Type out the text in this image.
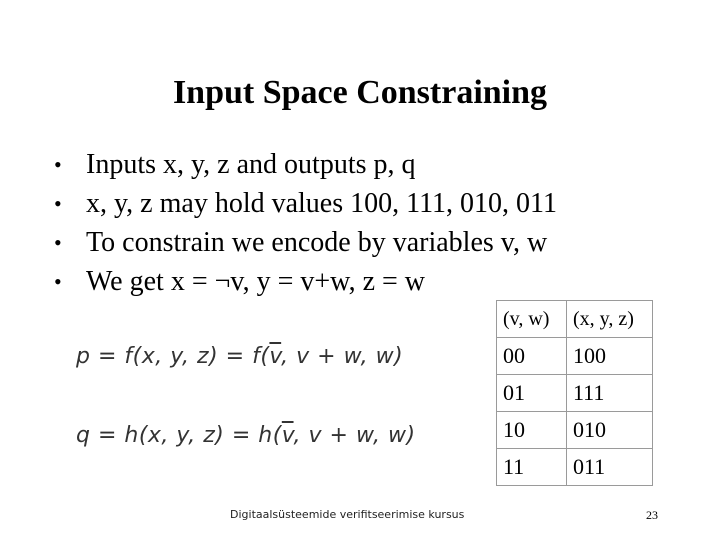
Input Space Constraining
• Inputs x, y, z and outputs p, q
• x, y, z may hold values 100, 111, 010, 011
• To constrain we encode by variables v, w
• We get x = ¬v, y = v+w, z = w
p = f(x, y, $z) = f(\overline{v}$, v + w, w)
q = h(x, y, $z) = h(\overline{v}$, v + w, w)
(v, w)	(x, y, z)
00	100
01	111
10	010
11	011
Digitaalsüsteemide verifitseerimise kursus	23
